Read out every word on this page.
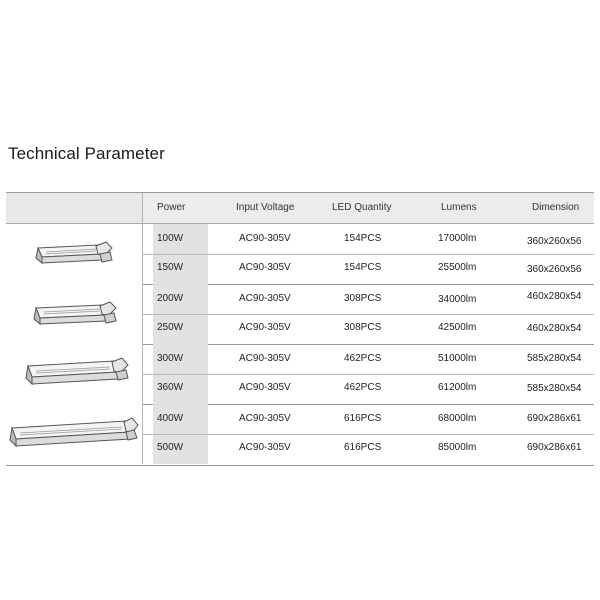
Technical Parameter
Power	Input Voltage	LED Quantity	Lumens	Dimension
100W	AC90-305V	154PCS	17000lm	360x260x56
150W	AC90-305V	154PCS	25500lm	360x260x56
200W	AC90-305V	308PCS	34000lm	460x280x54
250W	AC90-305V	308PCS	42500lm	460x280x54
300W	AC90-305V	462PCS	51000lm	585x280x54
360W	AC90-305V	462PCS	61200lm	585x280x54
400W	AC90-305V	616PCS	68000lm	690x286x61
500W	AC90-305V	616PCS	85000lm	690x286x61
